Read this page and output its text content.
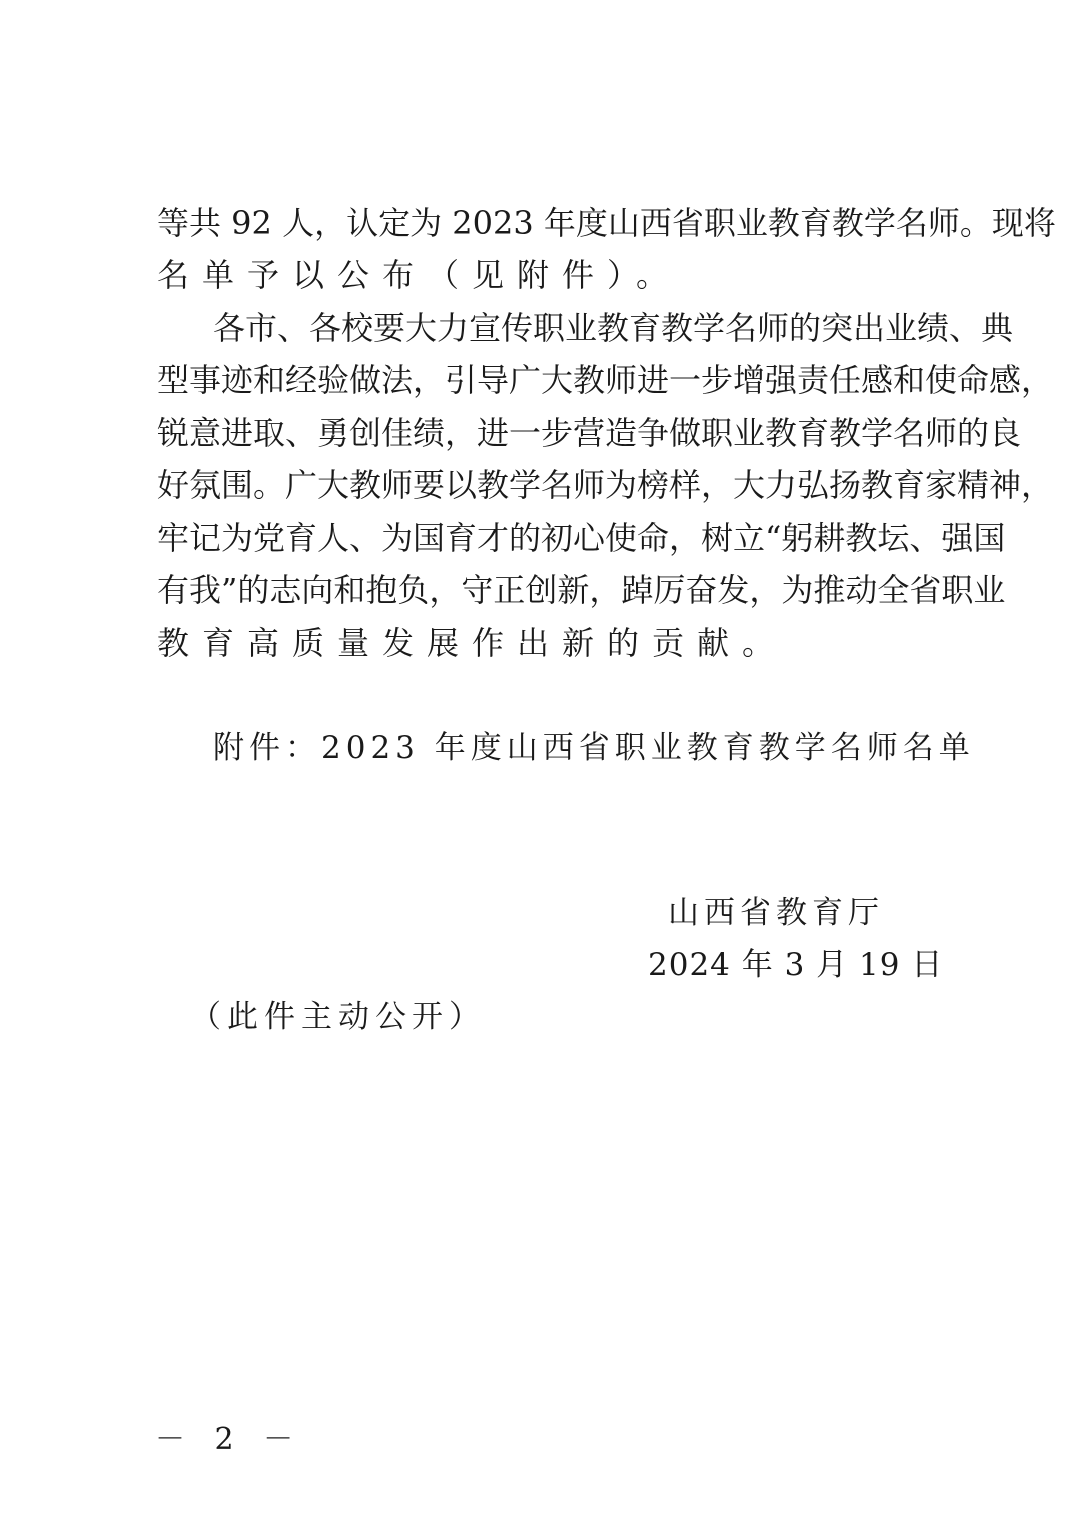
等共 92 人，认定为 2023 年度山西省职业教育教学名师。现将
名单予以公布（见附件）。
各市、各校要大力宣传职业教育教学名师的突出业绩、典
型事迹和经验做法，引导广大教师进一步增强责任感和使命感，
锐意进取、勇创佳绩，进一步营造争做职业教育教学名师的良
好氛围。广大教师要以教学名师为榜样，大力弘扬教育家精神，
牢记为党育人、为国育才的初心使命，树立“躬耕教坛、强国
有我”的志向和抱负，守正创新，踔厉奋发，为推动全省职业
教育高质量发展作出新的贡献。
附件：2023 年度山西省职业教育教学名师名单
山西省教育厅
2024 年 3 月 19 日
（此件主动公开）
－ 2 －
